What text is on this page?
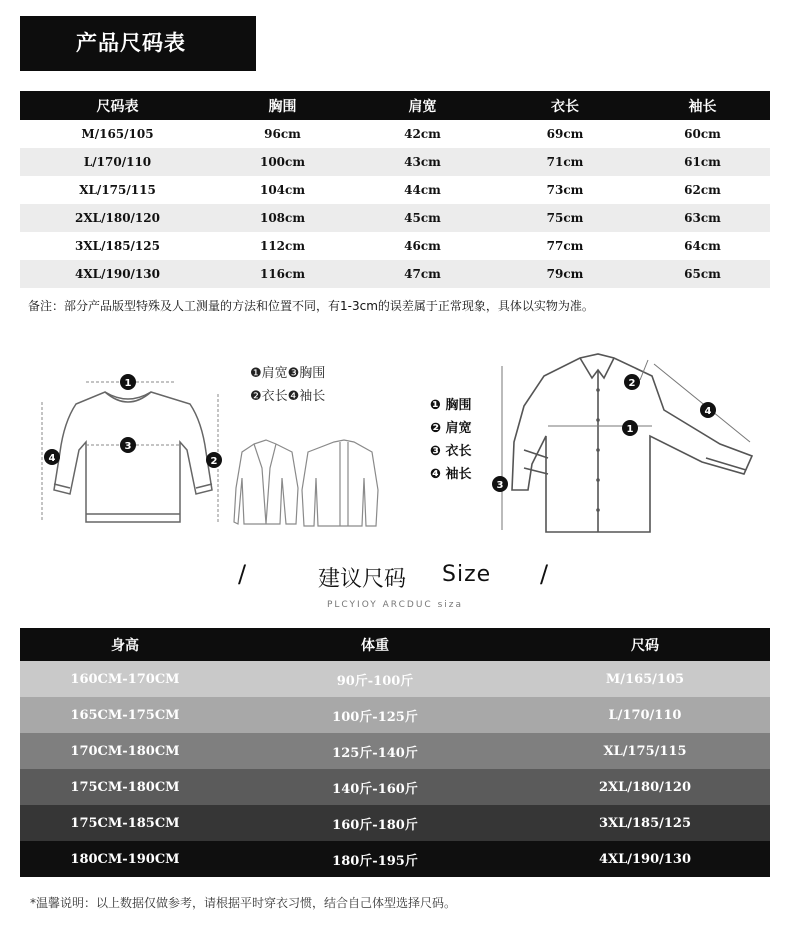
产品尺码表
尺码表	胸围	肩宽	衣长	袖长
M/165/105	96cm	42cm	69cm	60cm
L/170/110	100cm	43cm	71cm	61cm
XL/175/115	104cm	44cm	73cm	62cm
2XL/180/120	108cm	45cm	75cm	63cm
3XL/185/125	112cm	46cm	77cm	64cm
4XL/190/130	116cm	47cm	79cm	65cm
备注：部分产品版型特殊及人工测量的方法和位置不同，有1-3cm的误差属于正常现象，具体以实物为准。
1
3
4	2
❶肩宽❸胸围
❷衣长❹袖长
❶ 胸围
❷ 肩宽
❸ 衣长
❹ 袖长
1
2
3
4
/	建议尺码 Size /
PLCYIOY ARCDUC siza
身高	体重	尺码
160CM-170CM	90斤-100斤	M/165/105
165CM-175CM	100斤-125斤	L/170/110
170CM-180CM	125斤-140斤	XL/175/115
175CM-180CM	140斤-160斤	2XL/180/120
175CM-185CM	160斤-180斤	3XL/185/125
180CM-190CM	180斤-195斤	4XL/190/130
*温馨说明：以上数据仅做参考，请根据平时穿衣习惯，结合自己体型选择尺码。
